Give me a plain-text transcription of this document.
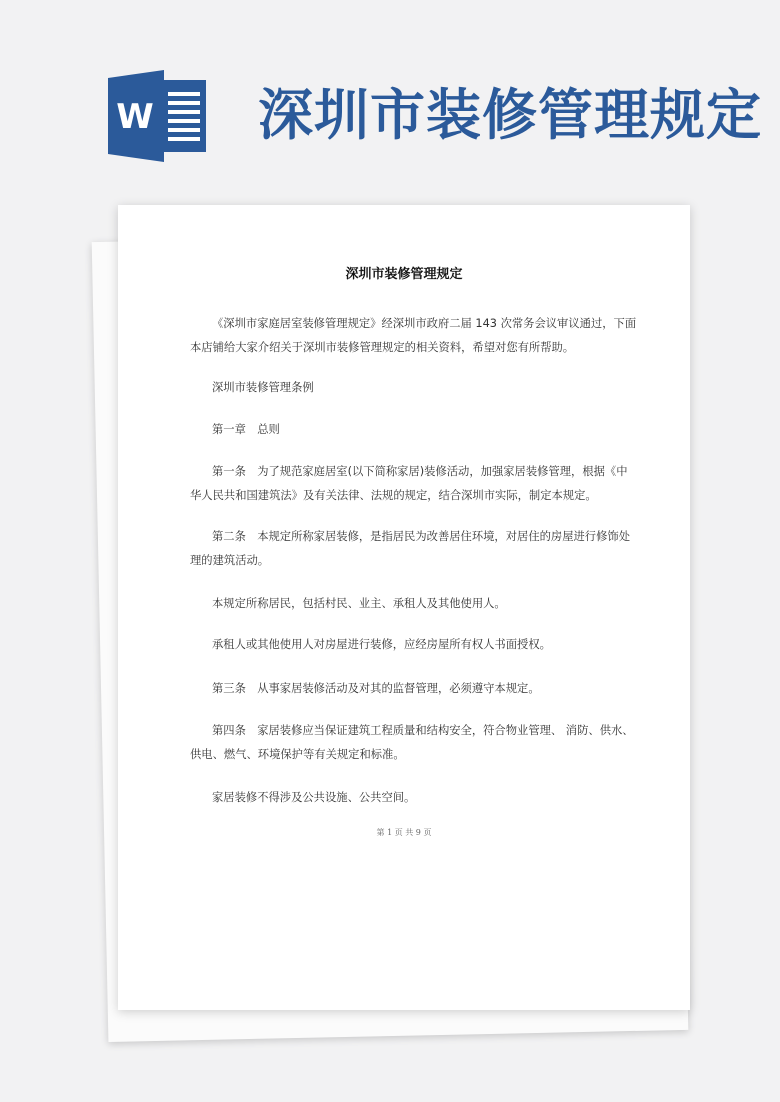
W 深圳市装修管理规定
深圳市装修管理规定
《深圳市家庭居室装修管理规定》经深圳市政府二届 143 次常务会议审议通过，下面
本店铺给大家介绍关于深圳市装修管理规定的相关资料，希望对您有所帮助。
深圳市装修管理条例
第一章　总则
第一条　为了规范家庭居室(以下简称家居)装修活动，加强家居装修管理，根据《中
华人民共和国建筑法》及有关法律、法规的规定，结合深圳市实际，制定本规定。
第二条　本规定所称家居装修，是指居民为改善居住环境，对居住的房屋进行修饰处
理的建筑活动。
本规定所称居民，包括村民、业主、承租人及其他使用人。
承租人或其他使用人对房屋进行装修，应经房屋所有权人书面授权。
第三条　从事家居装修活动及对其的监督管理，必须遵守本规定。
第四条　家居装修应当保证建筑工程质量和结构安全，符合物业管理、 消防、供水、
供电、燃气、环境保护等有关规定和标准。
家居装修不得涉及公共设施、公共空间。
第 1 页 共 9 页
